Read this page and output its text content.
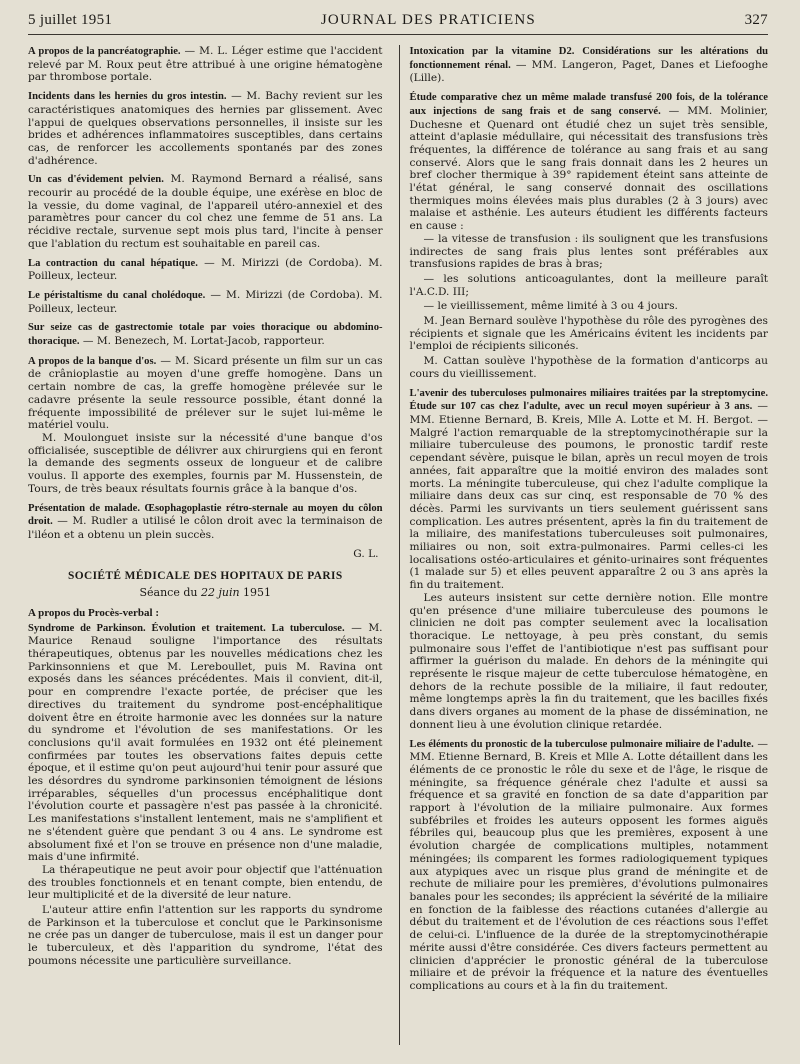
5 juillet 1951	JOURNAL DES PRATICIENS	327

A propos de la pancréatographie. — M. L. Léger estime que l'accident relevé par M. Roux peut être attribué à une origine hématogène par thrombose portale.

Incidents dans les hernies du gros intestin. — M. Bachy revient sur les caractéristiques anatomiques des hernies par glissement. Avec l'appui de quelques observations personnelles, il insiste sur les brides et adhérences inflammatoires susceptibles, dans certains cas, de renforcer les accollements spontanés par des zones d'adhérence.

Un cas d'évidement pelvien. M. Raymond Bernard a réalisé, sans recourir au procédé de la double équipe, une exérèse en bloc de la vessie, du dome vaginal, de l'appareil utéro-annexiel et des paramètres pour cancer du col chez une femme de 51 ans. La récidive rectale, survenue sept mois plus tard, l'incite à penser que l'ablation du rectum est souhaitable en pareil cas.

La contraction du canal hépatique. — M. Mirizzi (de Cordoba). M. Poilleux, lecteur.

Le péristaltisme du canal cholédoque. — M. Mirizzi (de Cordoba). M. Poilleux, lecteur.

Sur seize cas de gastrectomie totale par voies thoracique ou abdomino-thoracique. — M. Benezech, M. Lortat-Jacob, rapporteur.

A propos de la banque d'os. — M. Sicard présente un film sur un cas de crânioplastie au moyen d'une greffe homogène. Dans un certain nombre de cas, la greffe homogène prélevée sur le cadavre présente la seule ressource possible, étant donné la fréquente impossibilité de prélever sur le sujet lui-même le matériel voulu.

M. Moulonguet insiste sur la nécessité d'une banque d'os officialisée, susceptible de délivrer aux chirurgiens qui en feront la demande des segments osseux de longueur et de calibre voulus. Il apporte des exemples, fournis par M. Hussenstein, de Tours, de très beaux résultats fournis grâce à la banque d'os.

Présentation de malade. Œsophagoplastie rétro-sternale au moyen du côlon droit. — M. Rudler a utilisé le côlon droit avec la terminaison de l'iléon et a obtenu un plein succès.

G. L.
SOCIÉTÉ MÉDICALE DES HOPITAUX DE PARIS
Séance du 22 juin 1951
A propos du Procès-verbal :

Syndrome de Parkinson. Évolution et traitement. La tuberculose. — M. Maurice Renaud souligne l'importance des résultats thérapeutiques, obtenus par les nouvelles médications chez les Parkinsonniens et que M. Lereboullet, puis M. Ravina ont exposés dans les séances précédentes. Mais il convient, dit-il, pour en comprendre l'exacte portée, de préciser que les directives du traitement du syndrome post-encéphalitique doivent être en étroite harmonie avec les données sur la nature du syndrome et l'évolution de ses manifestations. Or les conclusions qu'il avait formulées en 1932 ont été pleinement confirmées par toutes les observations faites depuis cette époque, et il estime qu'on peut aujourd'hui tenir pour assuré que les désordres du syndrome parkinsonien témoignent de lésions irréparables, séquelles d'un processus encéphalitique dont l'évolution courte et passagère n'est pas passée à la chronicité. Les manifestations s'installent lentement, mais ne s'amplifient et ne s'étendent guère que pendant 3 ou 4 ans. Le syndrome est absolument fixé et l'on se trouve en présence non d'une maladie, mais d'une infirmité.

La thérapeutique ne peut avoir pour objectif que l'atténuation des troubles fonctionnels et en tenant compte, bien entendu, de leur multiplicité et de la diversité de leur nature.

L'auteur attire enfin l'attention sur les rapports du syndrome de Parkinson et la tuberculose et conclut que le Parkinsonisme ne crée pas un danger de tuberculose, mais il est un danger pour le tuberculeux, et dès l'apparition du syndrome, l'état des poumons nécessite une particulière surveillance.

Intoxication par la vitamine D2. Considérations sur les altérations du fonctionnement rénal. — MM. Langeron, Paget, Danes et Liefooghe (Lille).

Étude comparative chez un même malade transfusé 200 fois, de la tolérance aux injections de sang frais et de sang conservé. — MM. Molinier, Duchesne et Quenard ont étudié chez un sujet très sensible, atteint d'aplasie médullaire, qui nécessitait des transfusions très fréquentes, la différence de tolérance au sang frais et au sang conservé. Alors que le sang frais donnait dans les 2 heures un bref clocher thermique à 39° rapidement éteint sans atteinte de l'état général, le sang conservé donnait des oscillations thermiques moins élevées mais plus durables (2 à 3 jours) avec malaise et asthénie. Les auteurs étudient les différents facteurs en cause :

— la vitesse de transfusion : ils soulignent que les transfusions indirectes de sang frais plus lentes sont préférables aux transfusions rapides de bras à bras;

— les solutions anticoagulantes, dont la meilleure paraît l'A.C.D. III;

— le vieillissement, même limité à 3 ou 4 jours.

M. Jean Bernard soulève l'hypothèse du rôle des pyrogènes des récipients et signale que les Américains évitent les incidents par l'emploi de récipients siliconés.

M. Cattan soulève l'hypothèse de la formation d'anticorps au cours du vieillissement.

L'avenir des tuberculoses pulmonaires miliaires traitées par la streptomycine. Étude sur 107 cas chez l'adulte, avec un recul moyen supérieur à 3 ans. — MM. Etienne Bernard, B. Kreis, Mlle A. Lotte et M. H. Bergot. — Malgré l'action remarquable de la streptomycinothérapie sur la miliaire tuberculeuse des poumons, le pronostic tardif reste cependant sévère, puisque le bilan, après un recul moyen de trois années, fait apparaître que la moitié environ des malades sont morts. La méningite tuberculeuse, qui chez l'adulte complique la miliaire dans deux cas sur cinq, est responsable de 70 % des décès. Parmi les survivants un tiers seulement guérissent sans complication. Les autres présentent, après la fin du traitement de la miliaire, des manifestations tuberculeuses soit pulmonaires, miliaires ou non, soit extra-pulmonaires. Parmi celles-ci les localisations ostéo-articulaires et génito-urinaires sont fréquentes (1 malade sur 5) et elles peuvent apparaître 2 ou 3 ans après la fin du traitement.

Les auteurs insistent sur cette dernière notion. Elle montre qu'en présence d'une miliaire tuberculeuse des poumons le clinicien ne doit pas compter seulement avec la localisation thoracique. Le nettoyage, à peu près constant, du semis pulmonaire sous l'effet de l'antibiotique n'est pas suffisant pour affirmer la guérison du malade. En dehors de la méningite qui représente le risque majeur de cette tuberculose hématogène, en dehors de la rechute possible de la miliaire, il faut redouter, même longtemps après la fin du traitement, que les bacilles fixés dans divers organes au moment de la phase de dissémination, ne donnent lieu à une évolution clinique retardée.

Les éléments du pronostic de la tuberculose pulmonaire miliaire de l'adulte. — MM. Etienne Bernard, B. Kreis et Mlle A. Lotte détaillent dans les éléments de ce pronostic le rôle du sexe et de l'âge, le risque de méningite, sa fréquence générale chez l'adulte et aussi sa fréquence et sa gravité en fonction de sa date d'apparition par rapport à l'évolution de la miliaire pulmonaire. Aux formes subfébriles et froides les auteurs opposent les formes aiguës fébriles qui, beaucoup plus que les premières, exposent à une évolution chargée de complications multiples, notamment méningées; ils comparent les formes radiologiquement typiques aux atypiques avec un risque plus grand de méningite et de rechute de miliaire pour les premières, d'évolutions pulmonaires banales pour les secondes; ils apprécient la sévérité de la miliaire en fonction de la faiblesse des réactions cutanées d'allergie au début du traitement et de l'évolution de ces réactions sous l'effet de celui-ci. L'influence de la durée de la streptomycinothérapie mérite aussi d'être considérée. Ces divers facteurs permettent au clinicien d'apprécier le pronostic général de la tuberculose miliaire et de prévoir la fréquence et la nature des éventuelles complications au cours et à la fin du traitement.
